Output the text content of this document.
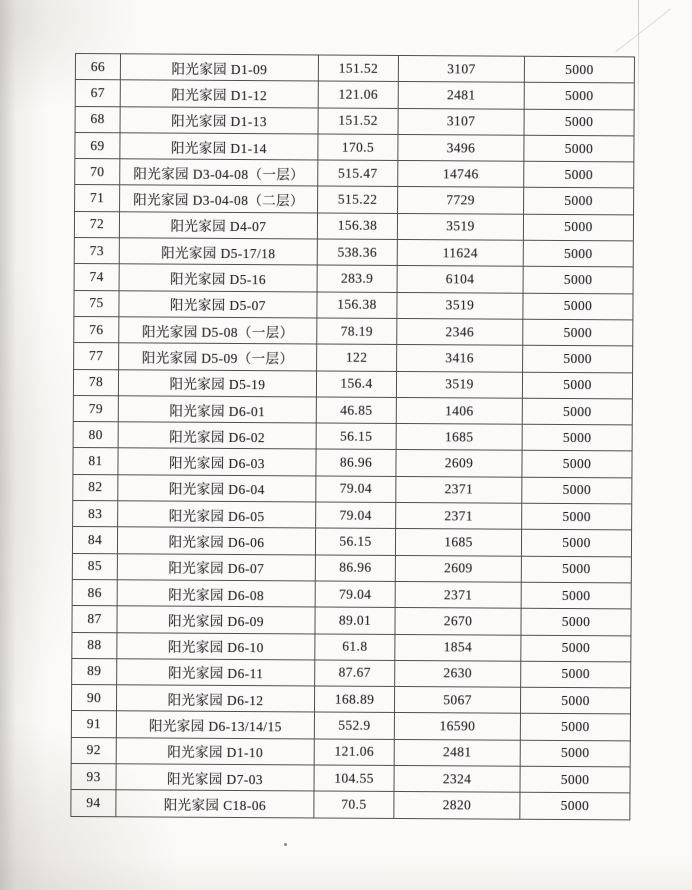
66	阳光家园 D1-09	151.52	3107	5000
67	阳光家园 D1-12	121.06	2481	5000
68	阳光家园 D1-13	151.52	3107	5000
69	阳光家园 D1-14	170.5	3496	5000
70	阳光家园 D3-04-08（一层）	515.47	14746	5000
71	阳光家园 D3-04-08（二层）	515.22	7729	5000
72	阳光家园 D4-07	156.38	3519	5000
73	阳光家园 D5-17/18	538.36	11624	5000
74	阳光家园 D5-16	283.9	6104	5000
75	阳光家园 D5-07	156.38	3519	5000
76	阳光家园 D5-08（一层）	78.19	2346	5000
77	阳光家园 D5-09（一层）	122	3416	5000
78	阳光家园 D5-19	156.4	3519	5000
79	阳光家园 D6-01	46.85	1406	5000
80	阳光家园 D6-02	56.15	1685	5000
81	阳光家园 D6-03	86.96	2609	5000
82	阳光家园 D6-04	79.04	2371	5000
83	阳光家园 D6-05	79.04	2371	5000
84	阳光家园 D6-06	56.15	1685	5000
85	阳光家园 D6-07	86.96	2609	5000
86	阳光家园 D6-08	79.04	2371	5000
87	阳光家园 D6-09	89.01	2670	5000
88	阳光家园 D6-10	61.8	1854	5000
89	阳光家园 D6-11	87.67	2630	5000
90	阳光家园 D6-12	168.89	5067	5000
91	阳光家园 D6-13/14/15	552.9	16590	5000
92	阳光家园 D1-10	121.06	2481	5000
93	阳光家园 D7-03	104.55	2324	5000
94	阳光家园 C18-06	70.5	2820	5000
